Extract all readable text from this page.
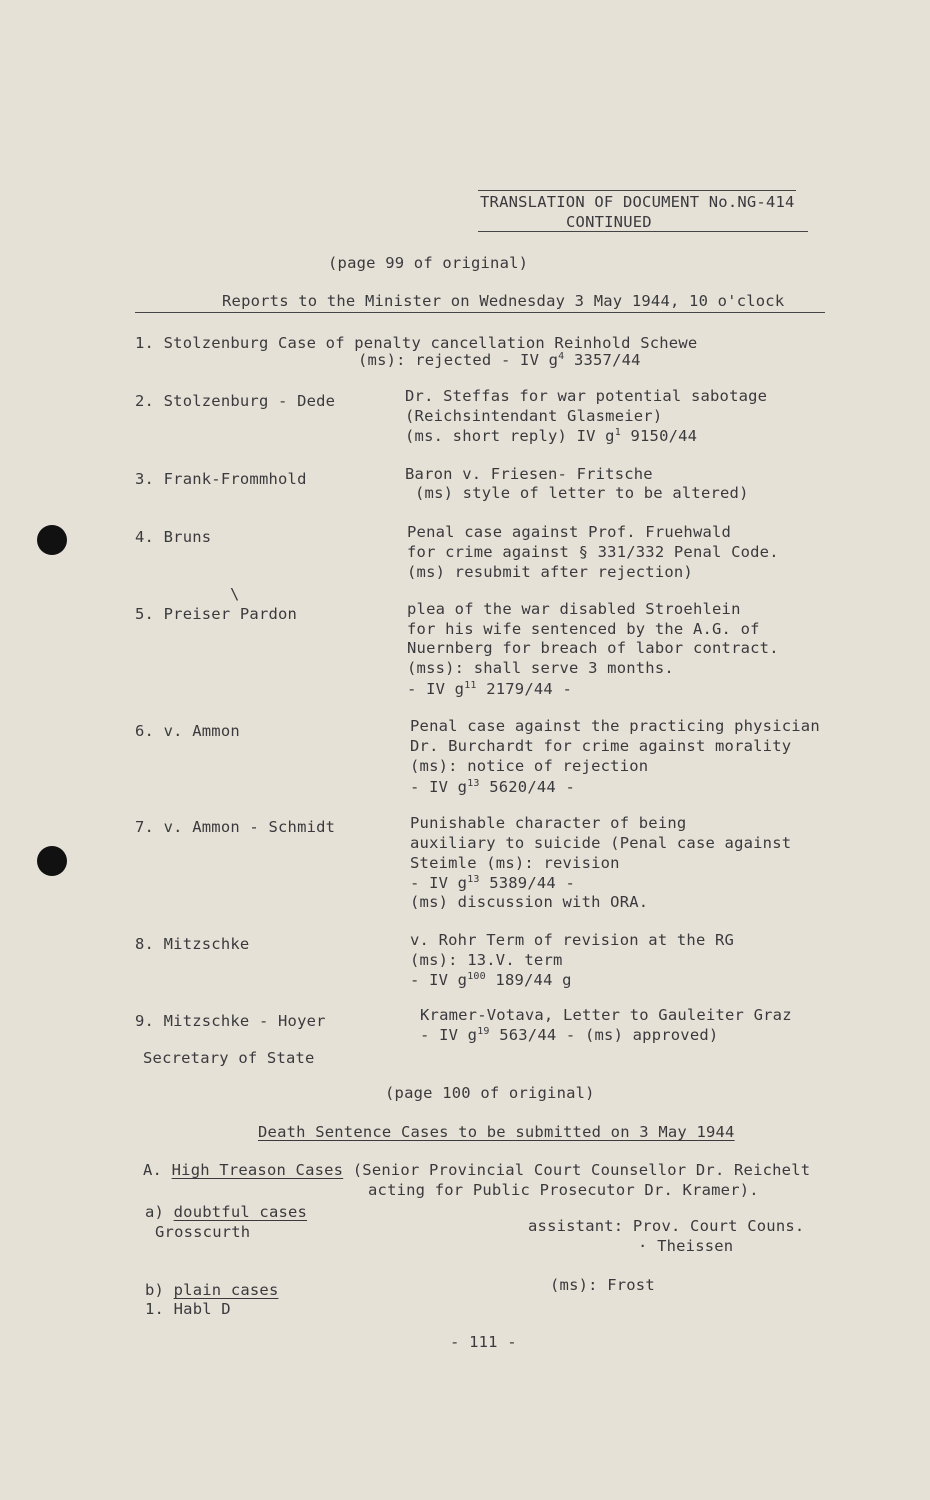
TRANSLATION OF DOCUMENT No.NG-414
CONTINUED
(page 99 of original)
Reports to the Minister on Wednesday 3 May 1944, 10 o'clock
1. Stolzenburg Case of penalty cancellation Reinhold Schewe
(ms): rejected - IV $g^4$ 3357/44
2. Stolzenburg - Dede	Dr. Steffas for war potential sabotage
(Reichsintendant Glasmeier)
(ms. short reply) IV $g^1$ 9150/44
3. Frank-Frommhold	Baron v. Friesen- Fritsche
(ms) style of letter to be altered)
4. Bruns	Penal case against Prof. Fruehwald
for crime against § 331/332 Penal Code.
(ms) resubmit after rejection)
\
5. Preiser Pardon	plea of the war disabled Stroehlein
for his wife sentenced by the A.G. of
Nuernberg for breach of labor contract.
(mss): shall serve 3 months.
- IV $g^{11}$ 2179/44 -
6. v. Ammon	Penal case against the practicing physician
Dr. Burchardt for crime against morality
(ms): notice of rejection
- IV $g^{13}$ 5620/44 -
7. v. Ammon - Schmidt	Punishable character of being
auxiliary to suicide (Penal case against
Steimle (ms): revision
- IV $g^{13}$ 5389/44 -
(ms) discussion with ORA.
8. Mitzschke	v. Rohr Term of revision at the RG
(ms): 13.V. term
- IV $g^{100}$ 189/44 g
9. Mitzschke - Hoyer	Kramer-Votava, Letter to Gauleiter Graz
- IV $g^{19}$ 563/44 - (ms) approved)
Secretary of State
(page 100 of original)
Death Sentence Cases to be submitted on 3 May 1944
A. High Treason Cases (Senior Provincial Court Counsellor Dr. Reichelt
acting for Public Prosecutor Dr. Kramer).
a) doubtful cases
Grosscurth	assistant: Prov. Court Couns.
· Theissen
b) plain cases
1. Habl D
(ms): Frost
- 111 -
